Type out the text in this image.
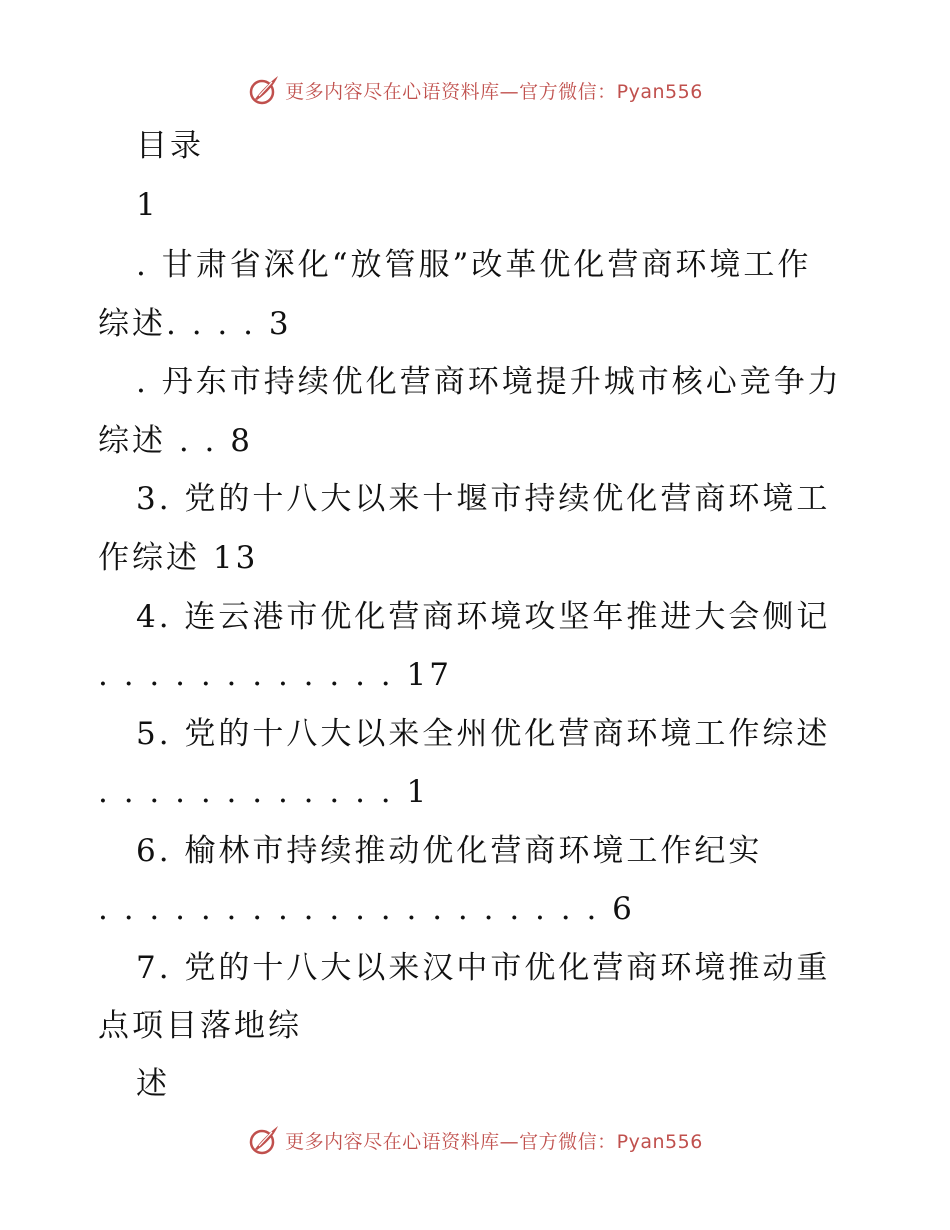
更多内容尽在心语资料库—官方微信：Pyan556
目录
1
. 甘肃省深化“放管服”改革优化营商环境工作
综述. . . . 3
. 丹东市持续优化营商环境提升城市核心竞争力
综述 . . 8
3. 党的十八大以来十堰市持续优化营商环境工
作综述 13
4. 连云港市优化营商环境攻坚年推进大会侧记
. . . . . . . . . . . . 17
5. 党的十八大以来全州优化营商环境工作综述
. . . . . . . . . . . . 1
6. 榆林市持续推动优化营商环境工作纪实
. . . . . . . . . . . . . . . . . . . . 6
7. 党的十八大以来汉中市优化营商环境推动重
点项目落地综
述
更多内容尽在心语资料库—官方微信：Pyan556
